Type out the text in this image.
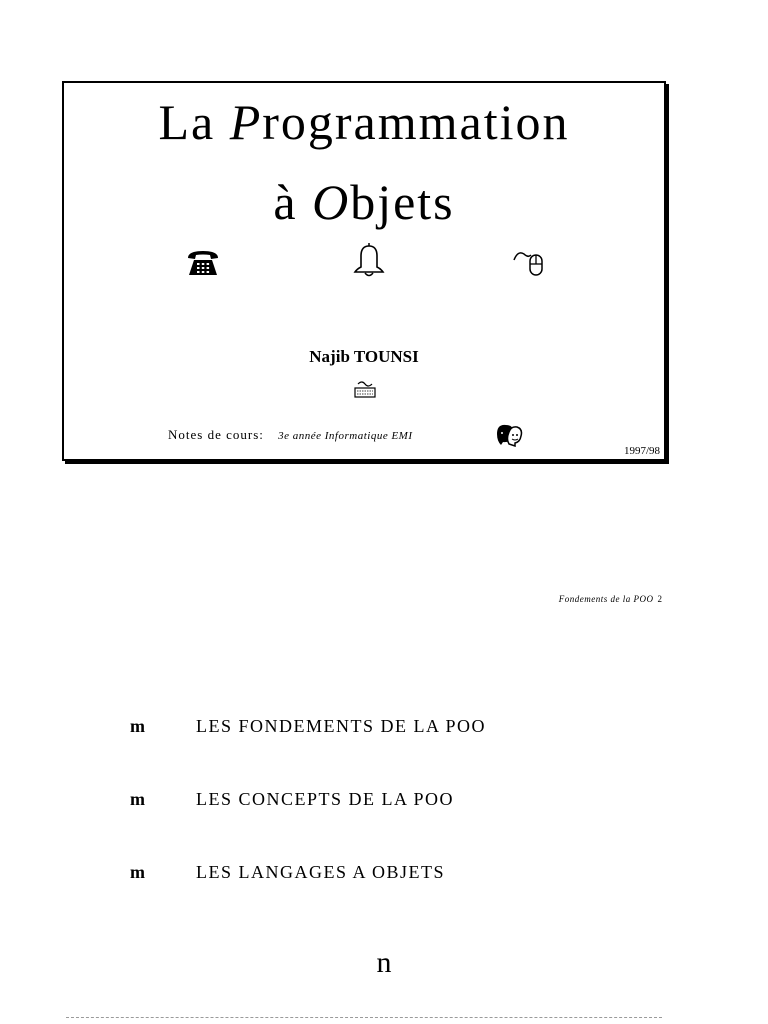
La Programmation
à Objets
Najib TOUNSI
Notes de cours: 3e année Informatique EMI
1997/98
Fondements de la POO 2
m	LES FONDEMENTS DE LA POO
m	LES CONCEPTS DE LA POO
m	LES LANGAGES A OBJETS
n
